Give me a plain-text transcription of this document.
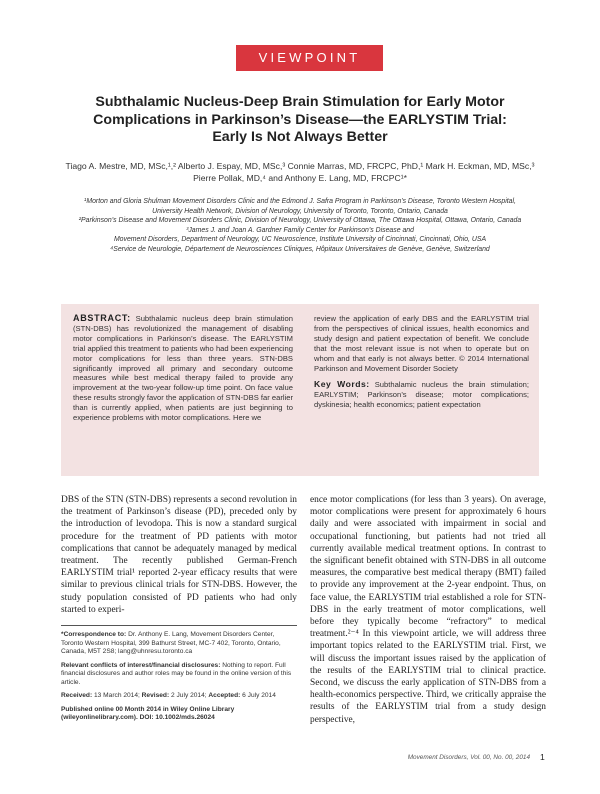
VIEWPOINT
Subthalamic Nucleus-Deep Brain Stimulation for Early Motor
Complications in Parkinson’s Disease—the EARLYSTIM Trial:
Early Is Not Always Better
Tiago A. Mestre, MD, MSc,¹,² Alberto J. Espay, MD, MSc,³ Connie Marras, MD, FRCPC, PhD,¹ Mark H. Eckman, MD, MSc,³
Pierre Pollak, MD,⁴ and Anthony E. Lang, MD, FRCPC¹*
¹Morton and Gloria Shulman Movement Disorders Clinic and the Edmond J. Safra Program in Parkinson’s Disease, Toronto Western Hospital,
University Health Network, Division of Neurology, University of Toronto, Toronto, Ontario, Canada
²Parkinson’s Disease and Movement Disorders Clinic, Division of Neurology, University of Ottawa, The Ottawa Hospital, Ottawa, Ontario, Canada
³James J. and Joan A. Gardner Family Center for Parkinson’s Disease and
Movement Disorders, Department of Neurology, UC Neuroscience, Institute University of Cincinnati, Cincinnati, Ohio, USA
⁴Service de Neurologie, Département de Neurosciences Cliniques, Hôpitaux Universitaires de Genève, Genève, Switzerland
ABSTRACT: Subthalamic nucleus deep brain stimulation (STN-DBS) has revolutionized the management of disabling motor complications in Parkinson’s disease. The EARLYSTIM trial applied this treatment to patients who had been experiencing motor complications for less than three years. STN-DBS significantly improved all primary and secondary outcome measures while best medical therapy failed to provide any improvement at the two-year follow-up time point. On face value these results strongly favor the application of STN-DBS far earlier than is currently applied, when patients are just beginning to experience problems with motor complications. Here we
review the application of early DBS and the EARLYSTIM trial from the perspectives of clinical issues, health economics and study design and patient expectation of benefit. We conclude that the most relevant issue is not when to operate but on whom and that early is not always better. © 2014 International Parkinson and Movement Disorder Society
Key Words: Subthalamic nucleus the brain stimulation; EARLYSTIM; Parkinson’s disease; motor complications; dyskinesia; health economics; patient expectation

DBS of the STN (STN-DBS) represents a second revolution in the treatment of Parkinson’s disease (PD), preceded only by the introduction of levodopa. This is now a standard surgical procedure for the treatment of PD patients with motor complications that cannot be adequately managed by medical treatment. The recently published German-French EARLYSTIM trial¹ reported 2-year efficacy results that were similar to previous clinical trials for STN-DBS. However, the study population consisted of PD patients who had only started to experi-

ence motor complications (for less than 3 years). On average, motor complications were present for approximately 6 hours daily and were associated with impairment in social and occupational functioning, but patients had not tried all currently available medical treatment options. In contrast to the significant benefit obtained with STN-DBS in all outcome measures, the comparative best medical therapy (BMT) failed to provide any improvement at the 2-year endpoint. Thus, on face value, the EARLYSTIM trial established a role for STN-DBS in the early treatment of motor complications, well before they typically become “refractory” to medical treatment.²⁻⁴ In this viewpoint article, we will address three important topics related to the EARLYSTIM trial. First, we will discuss the important issues raised by the application of the results of the EARLYSTIM trial to clinical practice. Second, we discuss the early application of STN-DBS from a health-economics perspective. Third, we critically appraise the results of the EARLYSTIM trial from a study design perspective,

*Correspondence to: Dr. Anthony E. Lang, Movement Disorders Center, Toronto Western Hospital, 399 Bathurst Street, MC-7 402, Toronto, Ontario, Canada, M5T 2S8; lang@uhnresu.toronto.ca

Relevant conflicts of interest/financial disclosures: Nothing to report. Full financial disclosures and author roles may be found in the online version of this article.

Received: 13 March 2014; Revised: 2 July 2014; Accepted: 6 July 2014

Published online 00 Month 2014 in Wiley Online Library (wileyonlinelibrary.com). DOI: 10.1002/mds.26024

Movement Disorders, Vol. 00, No. 00, 2014 1
